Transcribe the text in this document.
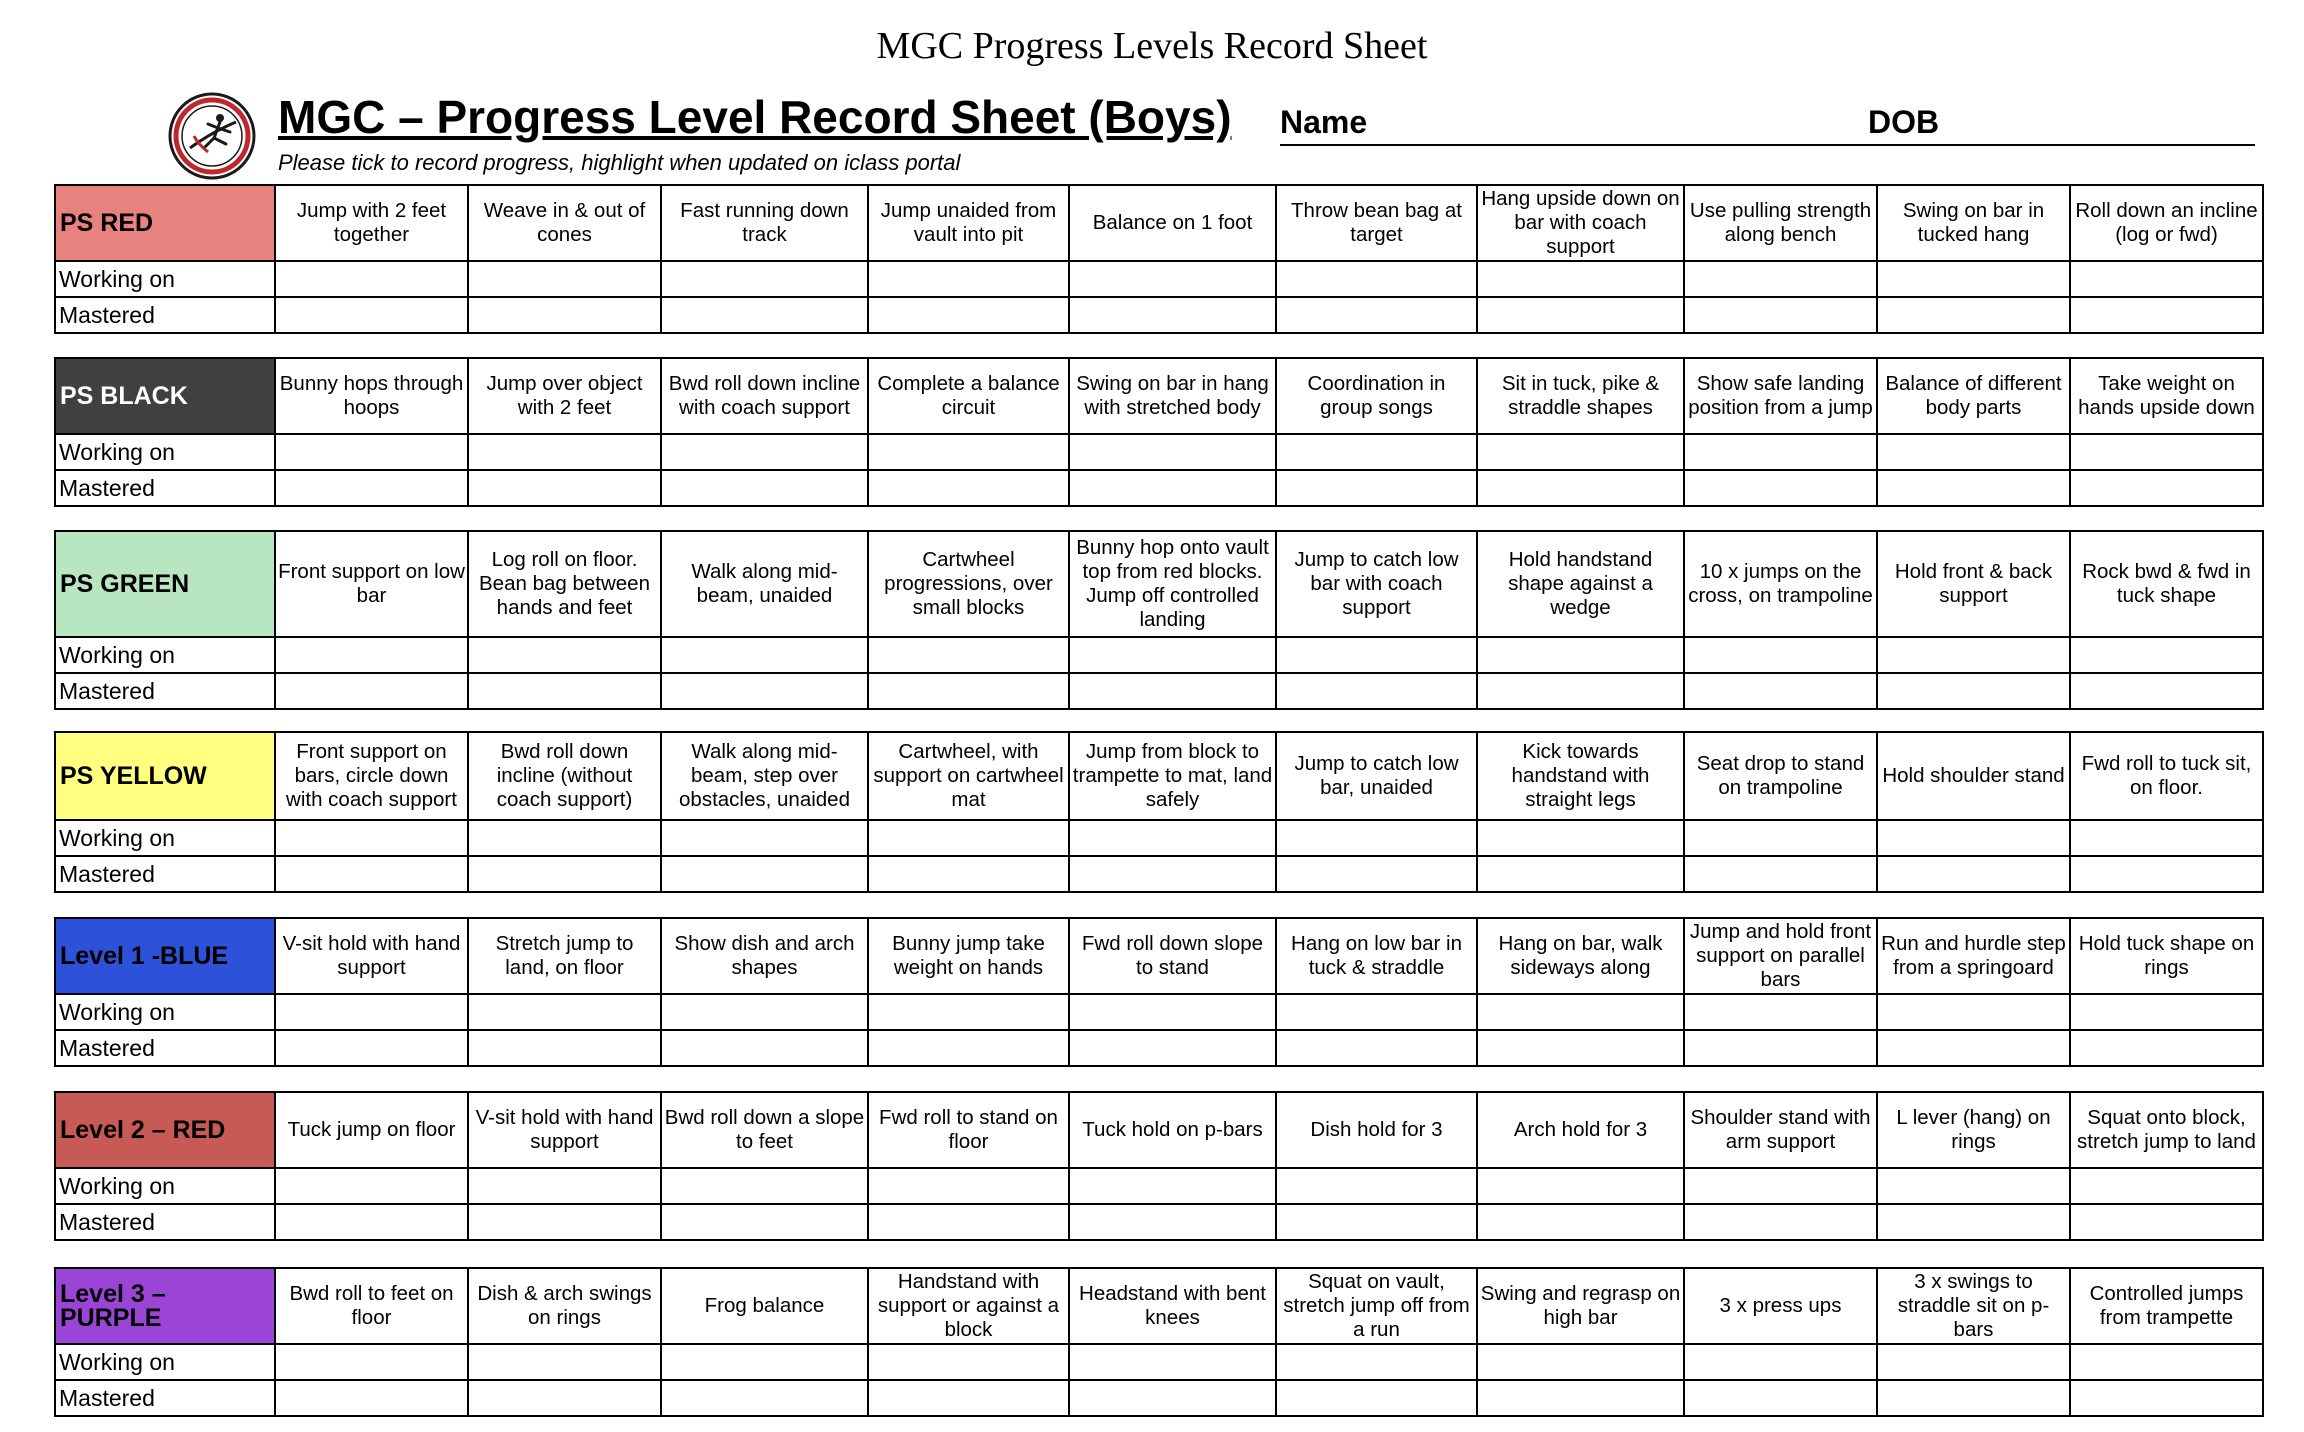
MGC Progress Levels Record Sheet
MGC – Progress Level Record Sheet (Boys)
Please tick to record progress, highlight when updated on iclass portal
Name	DOB
PS RED	Jump with 2 feet together	Weave in & out of cones	Fast running down track	Jump unaided from vault into pit	Balance on 1 foot	Throw bean bag at target	Hang upside down on bar with coach support	Use pulling strength along bench	Swing on bar in tucked hang	Roll down an incline (log or fwd)
Working on										
Mastered										
PS BLACK	Bunny hops through hoops	Jump over object with 2 feet	Bwd roll down incline with coach support	Complete a balance circuit	Swing on bar in hang with stretched body	Coordination in group songs	Sit in tuck, pike & straddle shapes	Show safe landing position from a jump	Balance of different body parts	Take weight on hands upside down
Working on										
Mastered										
PS GREEN	Front support on low bar	Log roll on floor. Bean bag between hands and feet	Walk along mid-beam, unaided	Cartwheel progressions, over small blocks	Bunny hop onto vault top from red blocks. Jump off controlled landing	Jump to catch low bar with coach support	Hold handstand shape against a wedge	10 x jumps on the cross, on trampoline	Hold front & back support	Rock bwd & fwd in tuck shape
Working on										
Mastered										
PS YELLOW	Front support on bars, circle down with coach support	Bwd roll down incline (without coach support)	Walk along mid-beam, step over obstacles, unaided	Cartwheel, with support on cartwheel mat	Jump from block to trampette to mat, land safely	Jump to catch low bar, unaided	Kick towards handstand with straight legs	Seat drop to stand on trampoline	Hold shoulder stand	Fwd roll to tuck sit, on floor.
Working on										
Mastered										
Level 1 -BLUE	V-sit hold with hand support	Stretch jump to land, on floor	Show dish and arch shapes	Bunny jump take weight on hands	Fwd roll down slope to stand	Hang on low bar in tuck & straddle	Hang on bar, walk sideways along	Jump and hold front support on parallel bars	Run and hurdle step from a springoard	Hold tuck shape on rings
Working on										
Mastered										
Level 2 – RED	Tuck jump on floor	V-sit hold with hand support	Bwd roll down a slope to feet	Fwd roll to stand on floor	Tuck hold on p-bars	Dish hold for 3	Arch hold for 3	Shoulder stand with arm support	L lever (hang) on rings	Squat onto block, stretch jump to land
Working on										
Mastered										
Level 3 – PURPLE	Bwd roll to feet on floor	Dish & arch swings on rings	Frog balance	Handstand with support or against a block	Headstand with bent knees	Squat on vault, stretch jump off from a run	Swing and regrasp on high bar	3 x press ups	3 x swings to straddle sit on p-bars	Controlled jumps from trampette
Working on										
Mastered										
